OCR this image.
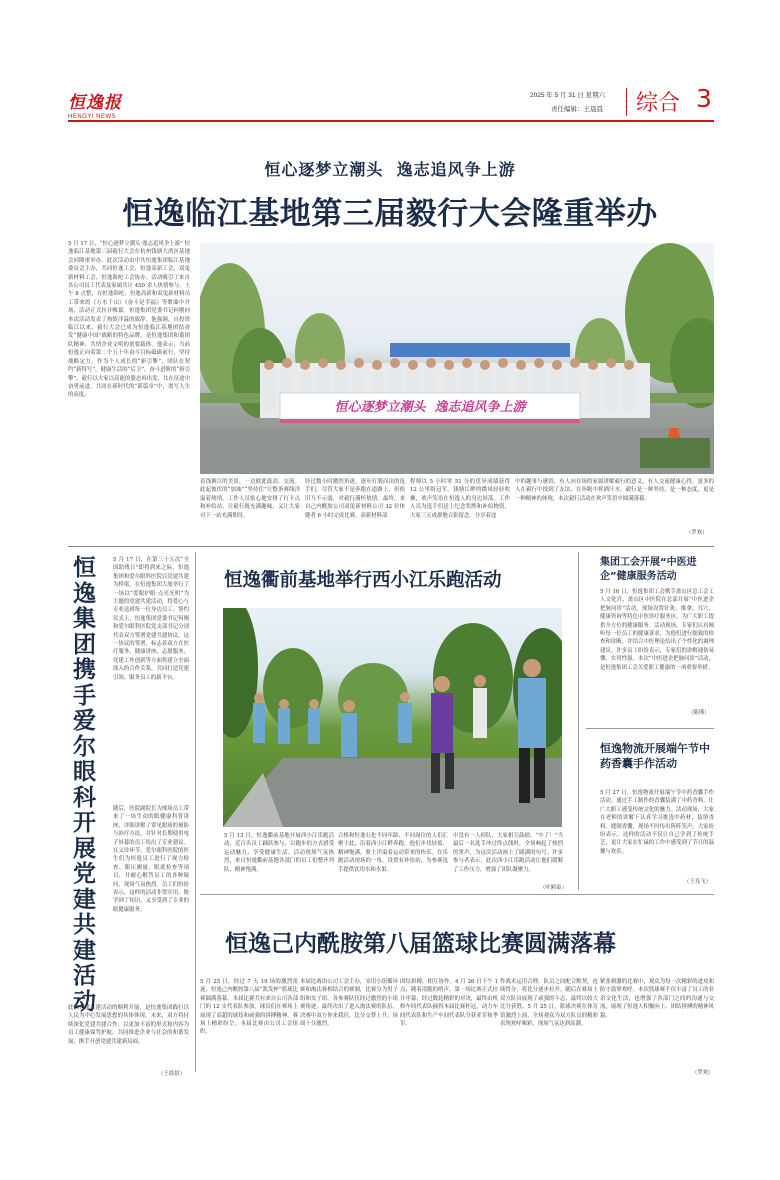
恒逸报
HENGYI NEWS
2025 年 5 月 31 日 星期六
责任编辑：王晨晨 综合 3
恒心逐梦立潮头  逸志追风争上游
恒逸临江基地第三届毅行大会隆重举办
5 月 17 日，“恒心逐梦立潮头·逸志追风争上游” 恒逸临江基地第三届毅行大会在杭州钱塘大湾区基地会同隆重举办。此次活动由中共恒逸集团临江基地委员会主办，共同恒逸工会、恒逸高新工会、双兔新材料工会、恒逸海纶工会协办。活动吸引了来自各公司员工代表及家属共计 450 余人热情参与。上午 8 点整，在恒逸锦纶、恒逸高新和双兔新材料员工带来的《万水千山》《奋斗是幸福》等歌曲中开场，活动正式拉开帷幕。恒逸集团党委书记何刚向本次活动发表了热情洋溢的致辞。他强调，自投资临江以来，毅行大会已成为恒逸临江基地团结奋发“健康中国”战略的特色品牌，是恒逸集团和谐团队精神、共情企业文明的重要载体。他表示，当前恒逸正向着第二个五十年奋斗目标砥砺前行，坚持战略定力，作为个人成长的“新引擎”，团队在契约“新特写”，健康生活的“后卫”，奋斗进阶的“新引擎”。毅行以大家以高能的姿态再出发，共在征途中奋勇前进，共同在新时代的“新篇章”中，谱写人生的高度。
恒心逐梦立潮头  逸志追风争上游
着钱塘江的美景，一边彼此鼓劲、交流。此起彼伏的“加油”“坚持住”让整条赛线洋溢着热情，工作人员贴心地安排了打卡点和补给站，让毅行既充满趣味，又让大家对下一站充满期待。
经过数小时激烈角逐，逐步打脱而出的选手们，尽管大家不是奔跑在道路上，但依旧互不示弱，对毅行满怀热情。最终，来自己内酰胺公司双兔新材料公司 32 位体健者 6 小时完成比赛，高新材料部
程师以 5 小时零 51 分的优异成绩获得 12 公里组冠军。钱塘江畔的微风轻轻吹拂，欢声笑语在恒逸人的身边回荡。工作人员为选手们送上纪念奖牌和补给物资，大家三五成群地合影留念，分享着途
中的趣事与感悟，有人向在场的家属讲解毅行的意义，有人交流健康心得，更多的人在毅行中找到了友谊，在奔跑中挥洒汗水。毅行是一种坚持，是一种态度，更是一种精神的体现，本次毅行活动在欢声笑语中圆满落幕。
（罗欢）
恒逸集团携手爱尔眼科开展党建共建活动
5 月 17 日，在第三十五次“全国助残日”即将到来之际，恒逸集团和爱尔眼科医院以党建共建为桥梁，在恒逸集团大厦举行了一场以“爱眼护眼·点亮光明”为主题的党建共建活动，将爱心与专业送到每一位身边员工。签约仪式上，恒逸集团党委书记何刚和爱尔眼科医院党支部书记分别代表双方签署党建共建协议。这一协议的签署，标志着双方在医疗服务、健康讲座、志愿服务、党建工作创新等方面将建立全面深入的合作关系，共同打造党建引领、服务员工的新平台。
随后，医院副院长为现场员工带来了一场生动的眼健康科普讲座，详细讲解了常见眼病的预防与治疗方法，并针对长期使用电子屏幕的员工给出了专业建议。在义诊环节，爱尔眼科医院的医生们为恒逸员工进行了视力检查、眼压测量、眼底检查等项目，并耐心解答员工的各种疑问，现场气氛热烈。员工们纷纷表示，这样的活动非常实用，既学到了知识，又享受到了专业的眼健康服务。
此次党建共建活动的顺利开展，是恒逸集团践行以人民为中心发展思想的具体体现。未来，双方将持续深化党建共建合作，以更加丰富的形式和内容为员工健康保驾护航，共同推进企业与社会的和谐发展，携手开创党建共建新局面。
（王晨晨）
恒逸衢前基地举行西小江乐跑活动
5 月 13 日，恒逸衢前基地开展西小江乐跑活动，近百名员工踊跃参与，以跑步的方式感受运动魅力、享受健康生活。活动现场气氛热烈，来自恒逸衢前基地各部门的员工们整齐列队、精神饱满。
合格和恒逸石化不同年龄、不同岗位的人们汇聚于此，沿着西小江畔奔跑，他们步伐轻盈、精神饱满，脸上洋溢着运动带来的快乐。在乐跑活动现场的一角，设置有补给站，为参赛选手提供饮用水和水果。
中没有一人掉队，大家相互鼓励、“中了！”当最后一名选手冲过终点线时，全场响起了热烈的掌声，为这次活动画上了圆满的句号。许多参与者表示，此次西小江乐跑活动让他们缓解了工作压力，增强了团队凝聚力。
（叶鸥泰）
集团工会开展“中医进企”健康服务活动
5 月 16 日，恒逸集团工会携手萧山区总工会工人文化宫、萧山区中医院在总部开展“中医进企把脉问诊”活动，现场设置针灸、推拿、耳穴、健康咨询等特色中医诊疗服务区，为广大职工提供全方位的健康服务。活动现场，专家们认真倾听每一位员工的健康诉求，为他们进行细致的检查和诊断，并结合中医理论给出了个性化的调理建议。许多员工纷纷表示，专家们的讲解通俗易懂、实用性强。本次“中医进企把脉问诊”活动，是恒逸集团工会关爱职工健康的一项重要举措。
（陈瑾）
恒逸物流开展端午节中药香囊手作活动
5 月 27 日，恒逸物流开展端午节中药香囊手作活动。通过手工制作的香囊装满了中药香料，让广大职工感受传统文化的魅力。活动现场，大家在老师的讲解下认真学习挑选中药材、装填香料、缝制香囊，现场不时传出阵阵笑声。大家纷纷表示，这样的活动不仅让自己学到了传统手艺，更让大家在忙碌的工作中感受到了节日的温馨与欢乐。
（王良飞）
恒逸己内酰胺第八届篮球比赛圆满落幕
5 月 25 日，经过 7 天 19 场的激烈角逐，恒逸己内酰胺第八届“凯发杯”篮球比赛圆满落幕。本届比赛共有来自公司各部门的 12 支代表队参加，球员们在赛场上展现了高超的球技和顽强的拼搏精神，赛场上精彩纷呈。本届比赛由公司工会组织。
本届比赛由公司工会主办，采用小组循环赛和淘汰赛相结合的赛制，比赛分为男子组和女子组。各参赛队伍经过激烈的小组赛角逐，最终决出了进入淘汰赛的队伍。决赛中双方你来我往，比分交替上升，场面十分激烈。
团结拼搏，相互协作。4 月 26 日下午 1 点，随着清脆的哨声，第一场比赛正式拉开序幕。经过数轮精彩的对决，最终由机修车间代表队摘得本届比赛桂冠，动力车间代表队和生产车间代表队分获亚军和季军。
作战术运用合理，队员之间配合默契，连续得分，将比分逐步拉开。随后在赛场上双方队员展现了顽强的斗志，最终以较大比分获胜。5 月 25 日，篮球决赛在体育馆激烈上演，全场观众为双方队员的精彩表现欢呼喝彩，现场气氛达到高潮。
紧张刺激的比赛中，观众为每一次精彩的进攻和防守鼓掌欢呼。本次篮球赛不仅丰富了员工的业余文化生活，也增强了各部门之间的沟通与交流，展现了恒逸人积极向上、团结拼搏的精神风貌。
（罗欢）
